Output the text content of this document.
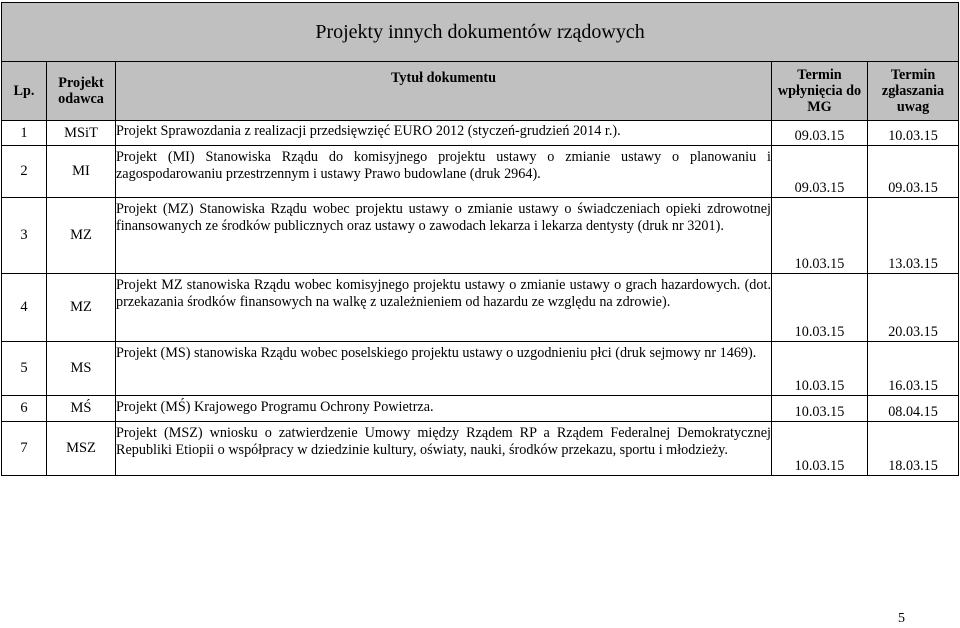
Projekty innych dokumentów rządowych				
Lp.	Projekt odawca	Tytuł dokumentu	Termin wpłynięcia do MG	Termin zgłaszania uwag
1	MSiT	Projekt Sprawozdania z realizacji przedsięwzięć EURO 2012 (styczeń-grudzień 2014 r.).	09.03.15	10.03.15
2	MI	Projekt (MI) Stanowiska Rządu do komisyjnego projektu ustawy o zmianie ustawy o planowaniu i zagospodarowaniu przestrzennym i ustawy Prawo budowlane (druk 2964).	09.03.15	09.03.15
3	MZ	Projekt (MZ) Stanowiska Rządu wobec projektu ustawy o zmianie ustawy o świadczeniach opieki zdrowotnej finansowanych ze środków publicznych oraz ustawy o zawodach lekarza i lekarza dentysty (druk nr 3201).	10.03.15	13.03.15
4	MZ	Projekt MZ stanowiska Rządu wobec komisyjnego projektu ustawy o zmianie ustawy o grach hazardowych. (dot. przekazania środków finansowych na walkę z uzależnieniem od hazardu ze względu na zdrowie).	10.03.15	20.03.15
5	MS	Projekt (MS) stanowiska Rządu wobec poselskiego projektu ustawy o uzgodnieniu płci (druk sejmowy nr 1469).	10.03.15	16.03.15
6	MŚ	Projekt (MŚ) Krajowego Programu Ochrony Powietrza.	10.03.15	08.04.15
7	MSZ	Projekt (MSZ) wniosku o zatwierdzenie Umowy między Rządem RP a Rządem Federalnej Demokratycznej Republiki Etiopii o współpracy w dziedzinie kultury, oświaty, nauki, środków przekazu, sportu i młodzieży.	10.03.15	18.03.15
5
